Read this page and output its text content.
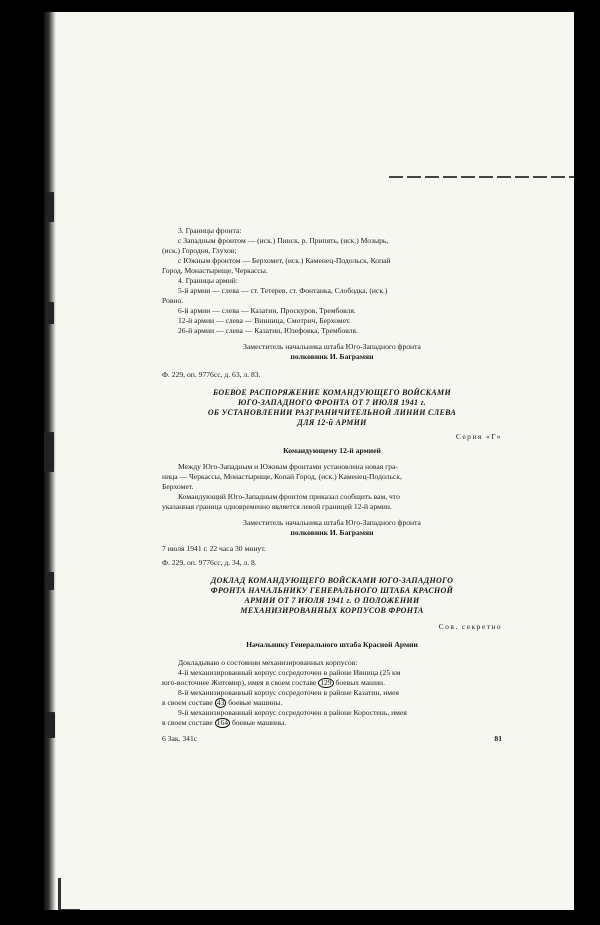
3. Границы фронта:

с Западным фронтом — (иск.) Пинск, р. Припять, (иск.) Мозырь,

(иск.) Городня, Глухов;

с Южным фронтом — Берхомет, (иск.) Каменец-Подольск, Копай

Город, Монастырище, Черкассы.

4. Границы армий:

5-й армии — слева — ст. Тетерев, ст. Фонтанка, Слободка, (иск.)

Ровно.

6-й армии — слева — Казатин, Проскуров, Трембовля.

12-й армии — слева — Винница, Смотрич, Берхомет.

26-й армии — слева — Казатин, Юзефовка, Трембовля.

Заместитель начальника штаба Юго-Западного фронта

полковник И. Баграмян

Ф. 229, оп. 9776сс, д. 63, л. 83.

БОЕВОЕ РАСПОРЯЖЕНИЕ КОМАНДУЮЩЕГО ВОЙСКАМИ

ЮГО-ЗАПАДНОГО ФРОНТА ОТ 7 ИЮЛЯ 1941 г.

ОБ УСТАНОВЛЕНИИ РАЗГРАНИЧИТЕЛЬНОЙ ЛИНИИ СЛЕВА

ДЛЯ 12-й АРМИИ

Серия «Г»

Командующему 12-й армией

Между Юго-Западным и Южным фронтами установлена новая гра-

ница — Черкассы, Монастырище, Копай Город, (иск.) Каменец-Подольск,

Берхомет.

Командующий Юго-Западным фронтом приказал сообщить вам, что

указанная граница одновременно является левой границей 12-й армии.

Заместитель начальника штаба Юго-Западного фронта

полковник И. Баграмян

7 июля 1941 г. 22 часа 30 минут.

Ф. 229, оп. 9776сс, д. 34, л. 8.

ДОКЛАД КОМАНДУЮЩЕГО ВОЙСКАМИ ЮГО-ЗАПАДНОГО

ФРОНТА НАЧАЛЬНИКУ ГЕНЕРАЛЬНОГО ШТАБА КРАСНОЙ

АРМИИ ОТ 7 ИЮЛЯ 1941 г. О ПОЛОЖЕНИИ

МЕХАНИЗИРОВАННЫХ КОРПУСОВ ФРОНТА

Сов. секретно

Начальнику Генерального штаба Красной Армии

Докладываю о состоянии механизированных корпусов:

4-й механизированный корпус сосредоточен в районе Ивница (25 км

юго-восточнее Житомир), имея в своем составе 129 боевых машин.

8-й механизированный корпус сосредоточен в районе Казатин, имея

в своем составе 43 боевые машины.

9-й механизированный корпус сосредоточен в районе Коростень, имея

в своем составе 164 боевые машины.

6 Зак. 341с	81
